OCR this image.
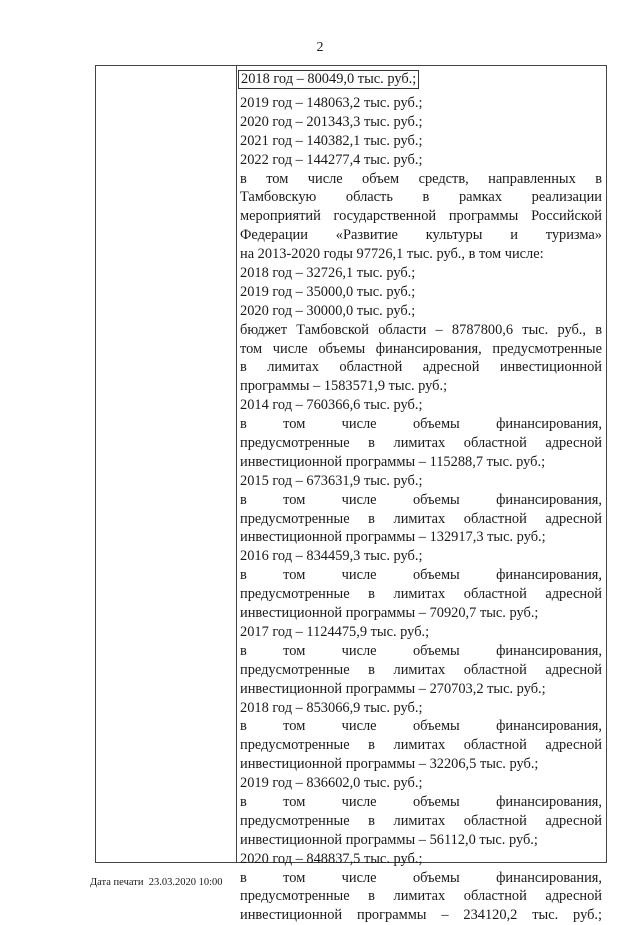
2
2018 год – 80049,0 тыс. руб.;

2019 год – 148063,2 тыс. руб.;
2020 год – 201343,3 тыс. руб.;
2021 год – 140382,1 тыс. руб.;
2022 год – 144277,4 тыс. руб.;
в том числе объем средств, направленных в
Тамбовскую область в рамках реализации
мероприятий государственной программы Российской
Федерации «Развитие культуры и туризма»
на 2013-2020 годы 97726,1 тыс. руб., в том числе:
2018 год – 32726,1 тыс. руб.;
2019 год – 35000,0 тыс. руб.;
2020 год – 30000,0 тыс. руб.;
бюджет Тамбовской области – 8787800,6 тыс. руб., в
том числе объемы финансирования, предусмотренные
в лимитах областной адресной инвестиционной
программы – 1583571,9 тыс. руб.;
2014 год – 760366,6 тыс. руб.;
в том числе объемы финансирования,
предусмотренные в лимитах областной адресной
инвестиционной программы – 115288,7 тыс. руб.;
2015 год – 673631,9 тыс. руб.;
в том числе объемы финансирования,
предусмотренные в лимитах областной адресной
инвестиционной программы – 132917,3 тыс. руб.;
2016 год – 834459,3 тыс. руб.;
в том числе объемы финансирования,
предусмотренные в лимитах областной адресной
инвестиционной программы – 70920,7 тыс. руб.;
2017 год – 1124475,9 тыс. руб.;
в том числе объемы финансирования,
предусмотренные в лимитах областной адресной
инвестиционной программы – 270703,2 тыс. руб.;
2018 год – 853066,9 тыс. руб.;
в том числе объемы финансирования,
предусмотренные в лимитах областной адресной
инвестиционной программы – 32206,5 тыс. руб.;
2019 год – 836602,0 тыс. руб.;
в том числе объемы финансирования,
предусмотренные в лимитах областной адресной
инвестиционной программы – 56112,0 тыс. руб.;
2020 год – 848837,5 тыс. руб.;
в том числе объемы финансирования,
предусмотренные в лимитах областной адресной
инвестиционной программы – 234120,2 тыс. руб.;
Дата печати  23.03.2020 10:00
